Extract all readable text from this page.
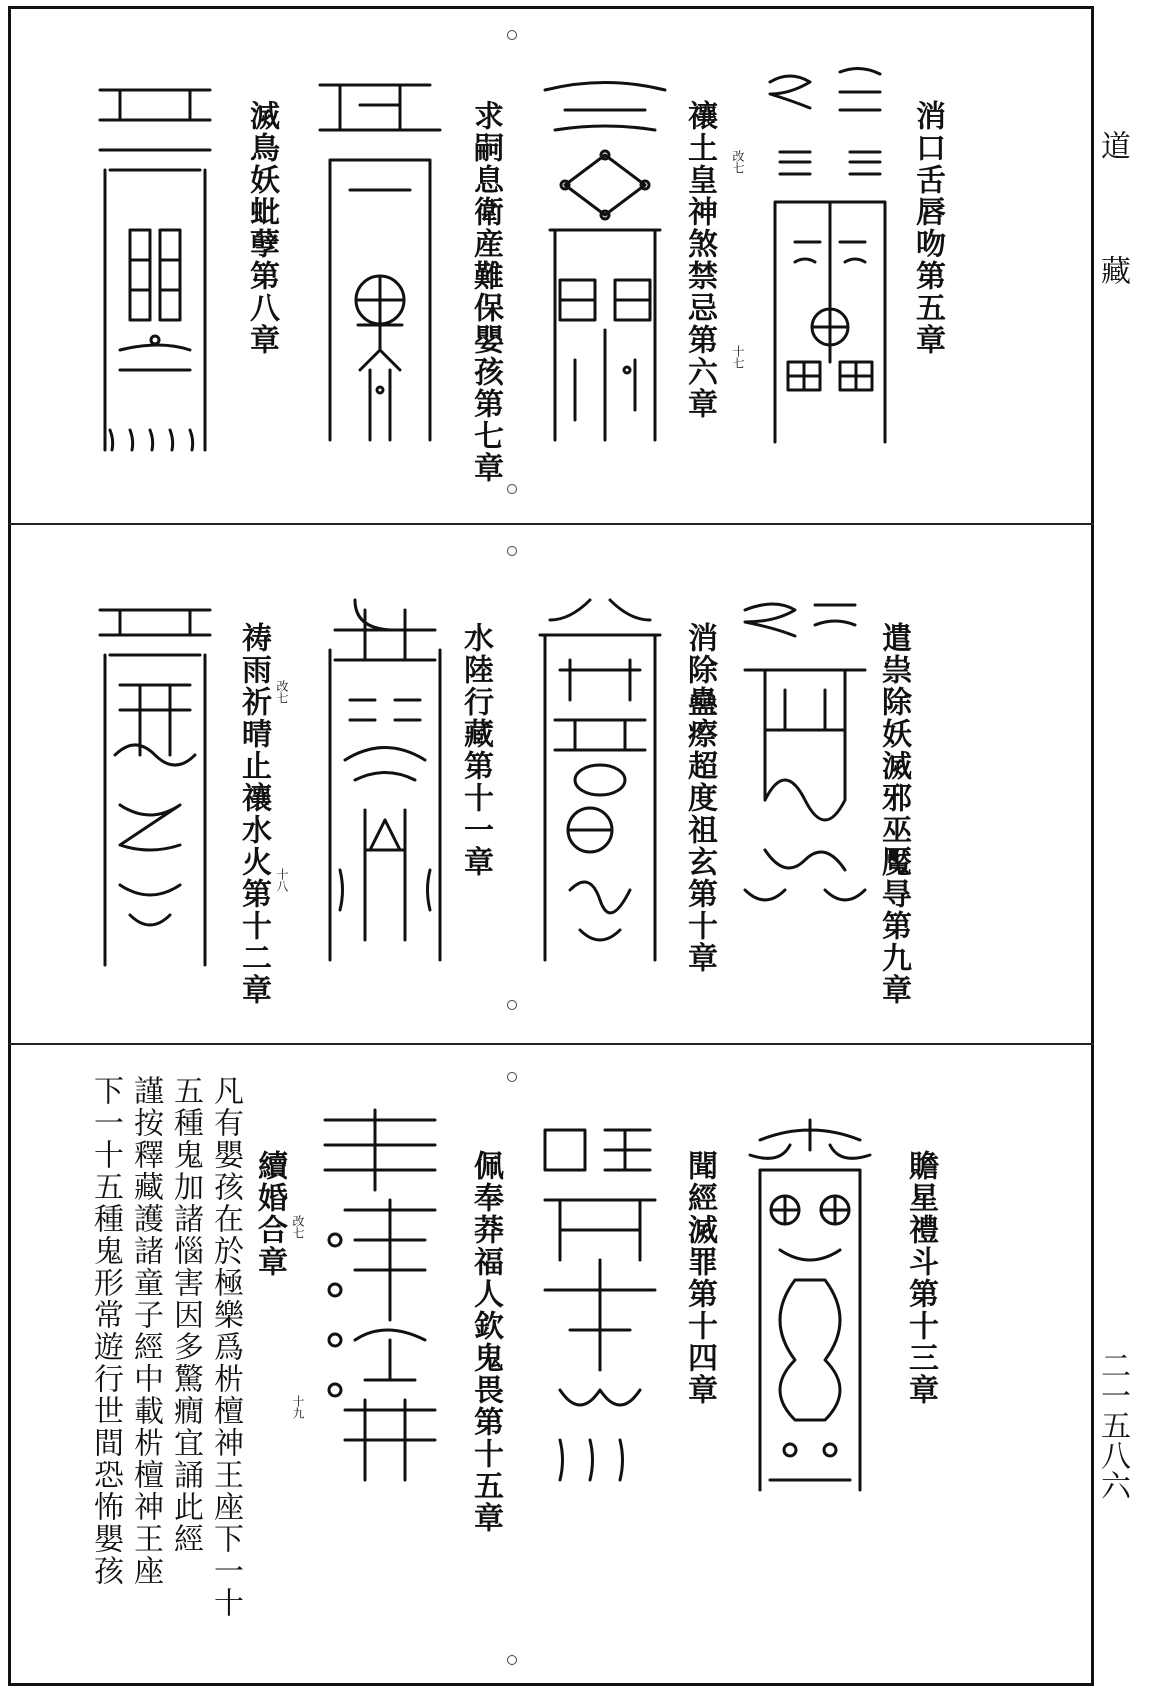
道
藏
二一五八六
消口舌唇吻第五章
禳土皇神煞禁忌第六章 改七
十七
求嗣息衛産難保嬰孩第七章
滅鳥妖蚍孽第八章
遣祟除妖滅邪巫魘㝵第九章
消除蠱瘵超度祖玄第十章
水陸行藏第十一章
祷雨祈晴止禳水火第十二章 改七
十八
贍星禮斗第十三章
聞經滅罪第十四章
佩奉莽福人欽鬼畏第十五章
續婚合章 改七
十九
凡有嬰孩在於極樂爲㭊檀神王座下一十
五種鬼加諸惱害因多驚癇宜誦此經
謹按釋藏護諸童子經中載㭊檀神王座
下一十五種鬼形常遊行世間恐怖嬰孩
